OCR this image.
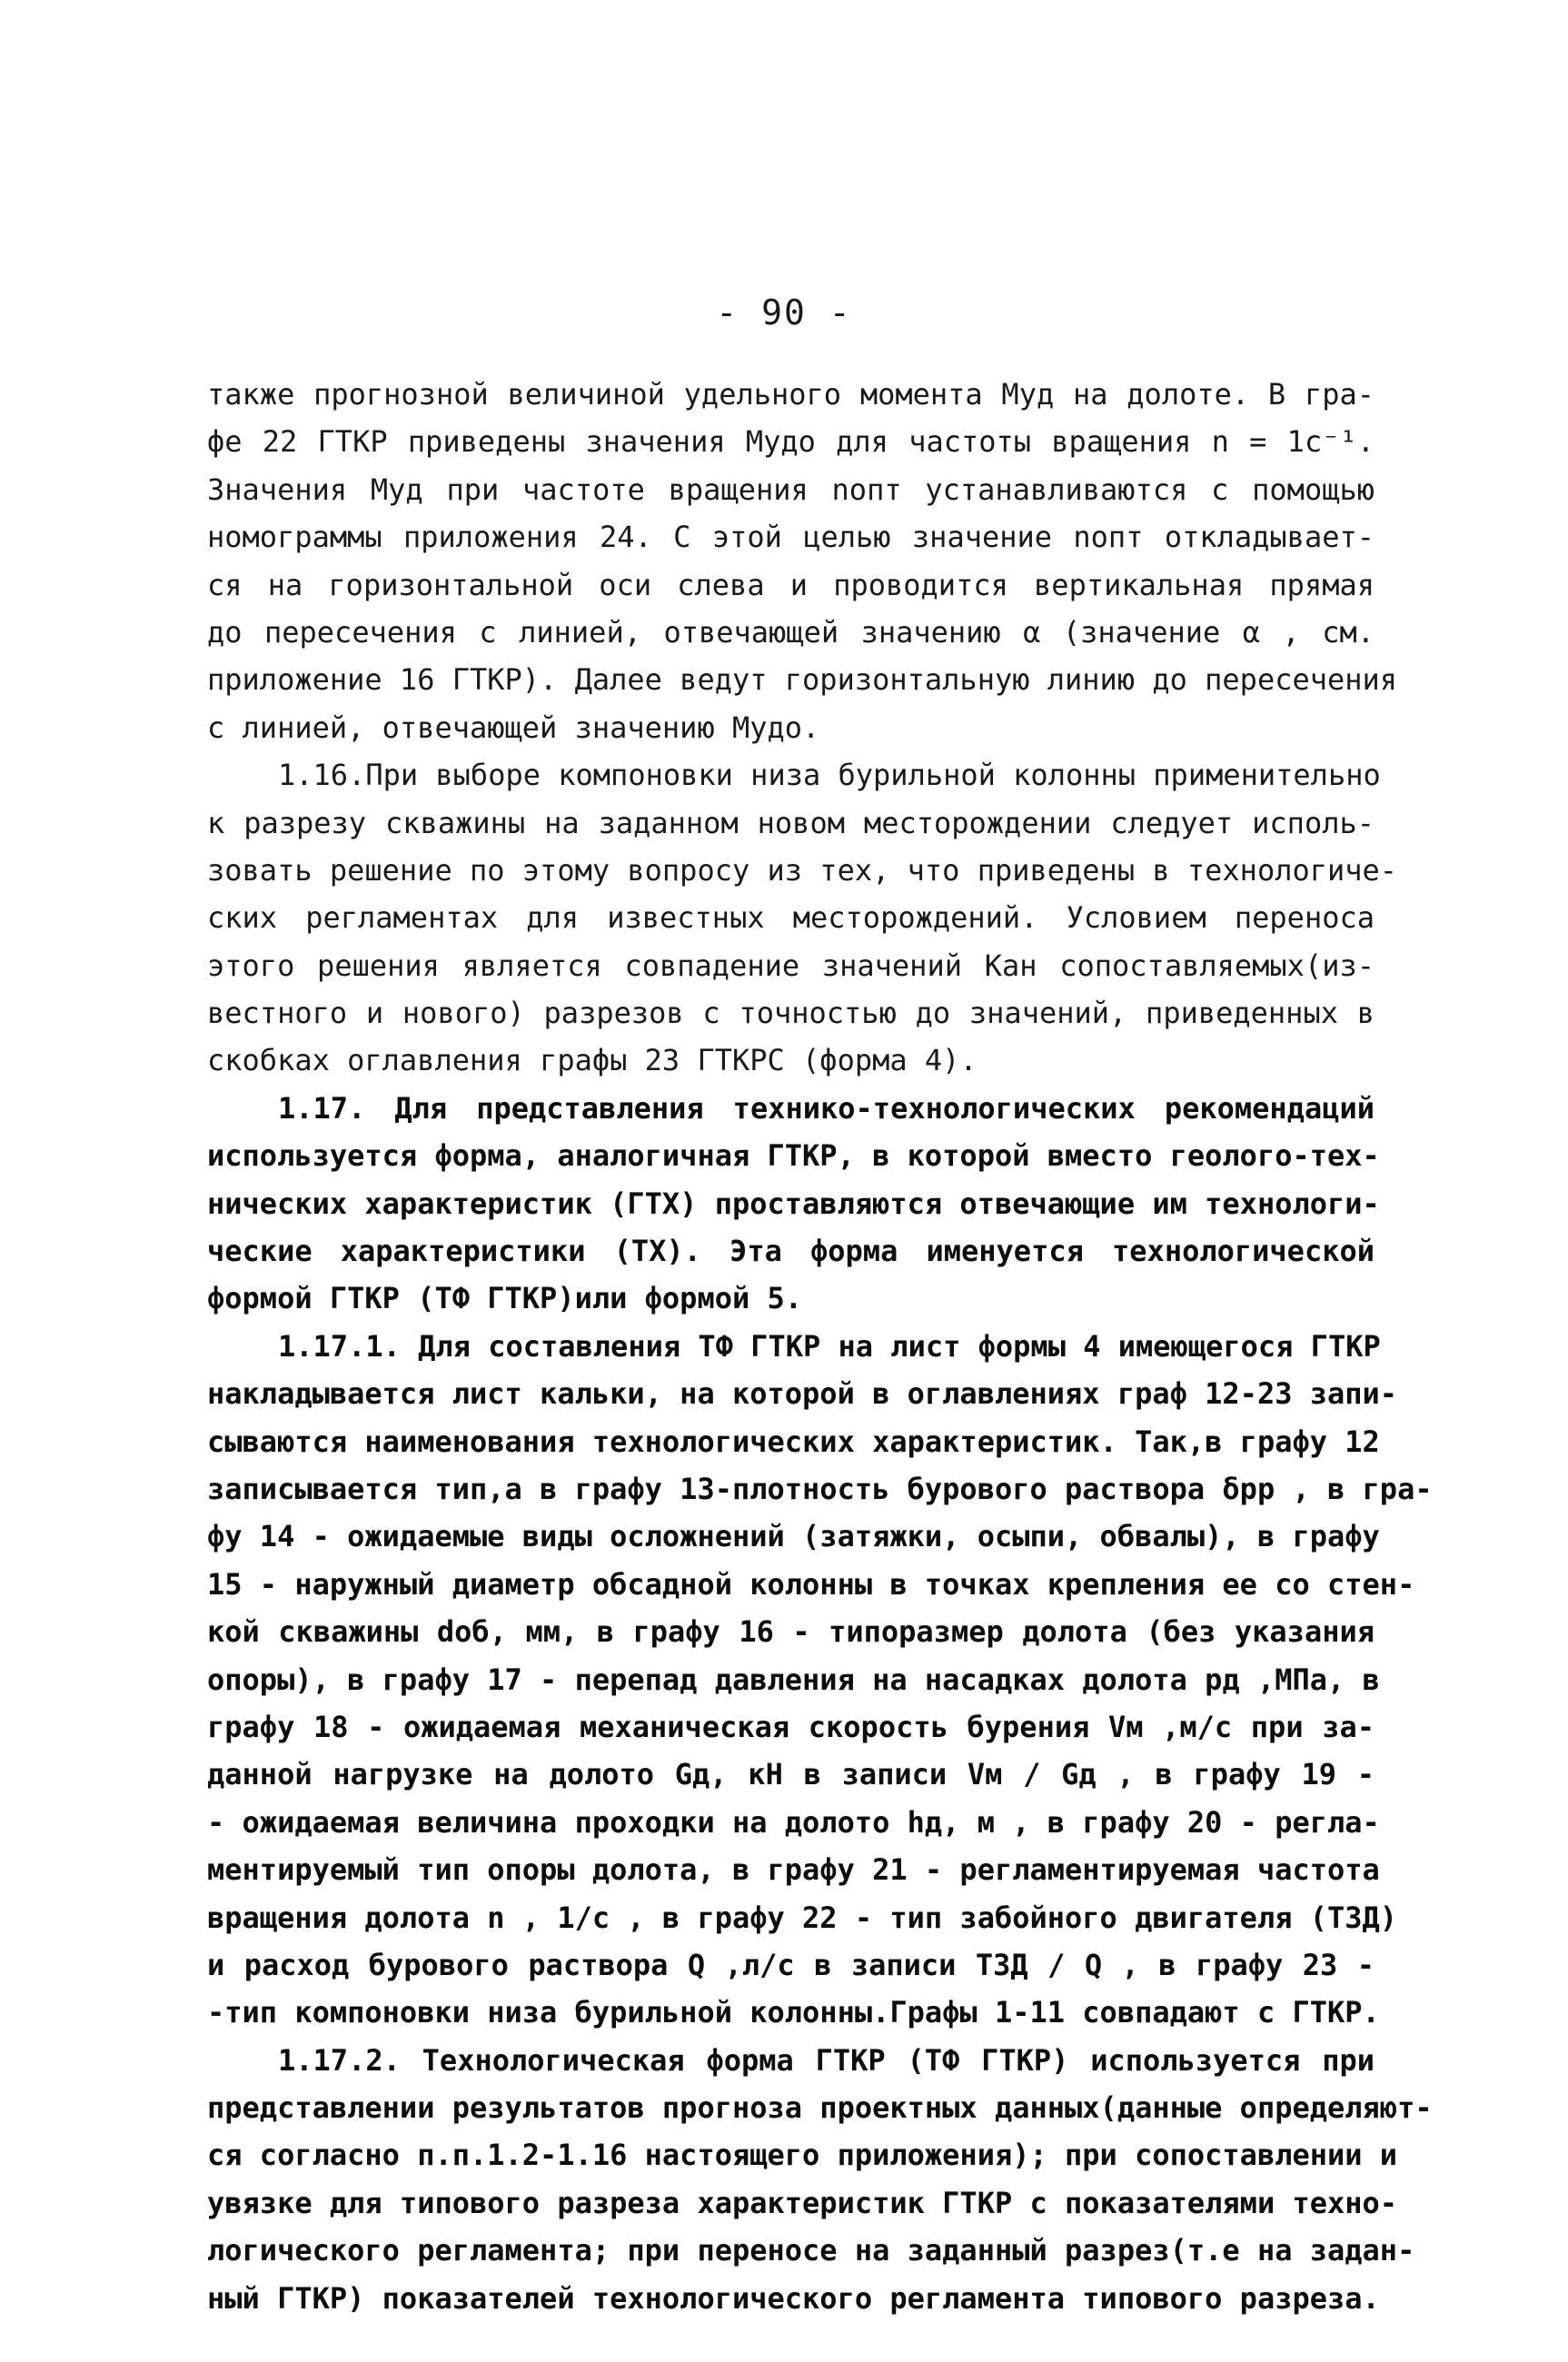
- 90 -
также прогнозной величиной удельного момента Mуд на долоте. В гра-
фе 22 ГТКР приведены значения Mудо для частоты вращения n = 1c⁻¹.
Значения Mуд при частоте вращения nопт устанавливаются с помощью
номограммы приложения 24. С этой целью значение nопт откладывает-
ся на горизонтальной оси слева и проводится вертикальная прямая
до пересечения с линией, отвечающей значению α (значение α , см.
приложение 16 ГТКР). Далее ведут горизонтальную линию до пересечения
с линией, отвечающей значению Mудо.
1.16.При выборе компоновки низа бурильной колонны применительно
к разрезу скважины на заданном новом месторождении следует исполь-
зовать решение по этому вопросу из тех, что приведены в технологиче-
ских регламентах для известных месторождений. Условием переноса
этого решения является совпадение значений Kан сопоставляемых(из-
вестного и нового) разрезов с точностью до значений, приведенных в
скобках оглавления графы 23 ГТКРС (форма 4).
1.17. Для представления технико-технологических рекомендаций
используется форма, аналогичная ГТКР, в которой вместо геолого-тех-
нических характеристик (ГТХ) проставляются отвечающие им технологи-
ческие характеристики (ТХ). Эта форма именуется технологической
формой ГТКР (ТФ ГТКР)или формой 5.
1.17.1. Для составления ТФ ГТКР на лист формы 4 имеющегося ГТКР
накладывается лист кальки, на которой в оглавлениях граф 12-23 запи-
сываются наименования технологических характеристик. Так,в графу 12
записывается тип,а в графу 13-плотность бурового раствора δрр , в гра-
фу 14 - ожидаемые виды осложнений (затяжки, осыпи, обвалы), в графу
15 - наружный диаметр обсадной колонны в точках крепления ее со стен-
кой скважины dоб, мм, в графу 16 - типоразмер долота (без указания
опоры), в графу 17 - перепад давления на насадках долота рд ,МПа, в
графу 18 - ожидаемая механическая скорость бурения Vм ,м/с при за-
данной нагрузке на долото Gд, кН в записи Vм / Gд , в графу 19 -
- ожидаемая величина проходки на долото hд, м , в графу 20 - регла-
ментируемый тип опоры долота, в графу 21 - регламентируемая частота
вращения долота n , 1/c , в графу 22 - тип забойного двигателя (ТЗД)
и расход бурового раствора Q ,л/с в записи ТЗД / Q , в графу 23 -
-тип компоновки низа бурильной колонны.Графы 1-11 совпадают с ГТКР.
1.17.2. Технологическая форма ГТКР (ТФ ГТКР) используется при
представлении результатов прогноза проектных данных(данные определяют-
ся согласно п.п.1.2-1.16 настоящего приложения); при сопоставлении и
увязке для типового разреза характеристик ГТКР с показателями техно-
логического регламента; при переносе на заданный разрез(т.е на задан-
ный ГТКР) показателей технологического регламента типового разреза.
